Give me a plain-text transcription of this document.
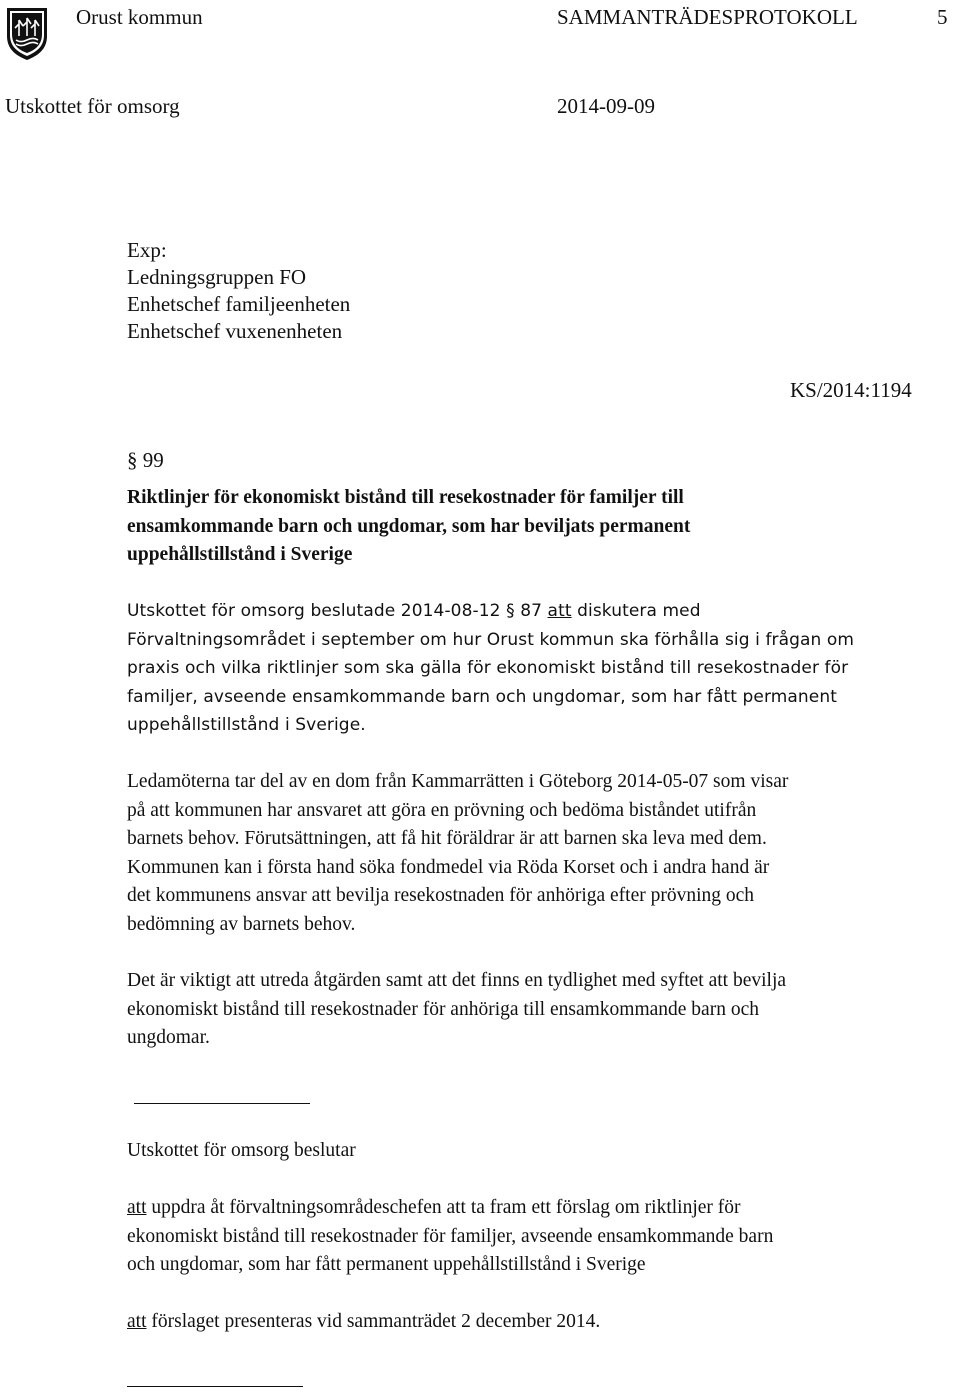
Orust kommun	SAMMANTRÄDESPROTOKOLL	5
Utskottet för omsorg	2014-09-09
Exp:
Ledningsgruppen FO
Enhetschef familjeenheten
Enhetschef vuxenenheten
KS/2014:1194
§ 99
Riktlinjer för ekonomiskt bistånd till resekostnader för familjer till
ensamkommande barn och ungdomar, som har beviljats permanent
uppehållstillstånd i Sverige
Utskottet för omsorg beslutade 2014-08-12 § 87 att diskutera med
Förvaltningsområdet i september om hur Orust kommun ska förhålla sig i frågan om
praxis och vilka riktlinjer som ska gälla för ekonomiskt bistånd till resekostnader för
familjer, avseende ensamkommande barn och ungdomar, som har fått permanent
uppehållstillstånd i Sverige.
Ledamöterna tar del av en dom från Kammarrätten i Göteborg 2014-05-07 som visar
på att kommunen har ansvaret att göra en prövning och bedöma biståndet utifrån
barnets behov. Förutsättningen, att få hit föräldrar är att barnen ska leva med dem.
Kommunen kan i första hand söka fondmedel via Röda Korset och i andra hand är
det kommunens ansvar att bevilja resekostnaden för anhöriga efter prövning och
bedömning av barnets behov.
Det är viktigt att utreda åtgärden samt att det finns en tydlighet med syftet att bevilja
ekonomiskt bistånd till resekostnader för anhöriga till ensamkommande barn och
ungdomar.
Utskottet för omsorg beslutar
att uppdra åt förvaltningsområdeschefen att ta fram ett förslag om riktlinjer för
ekonomiskt bistånd till resekostnader för familjer, avseende ensamkommande barn
och ungdomar, som har fått permanent uppehållstillstånd i Sverige
att förslaget presenteras vid sammanträdet 2 december 2014.
